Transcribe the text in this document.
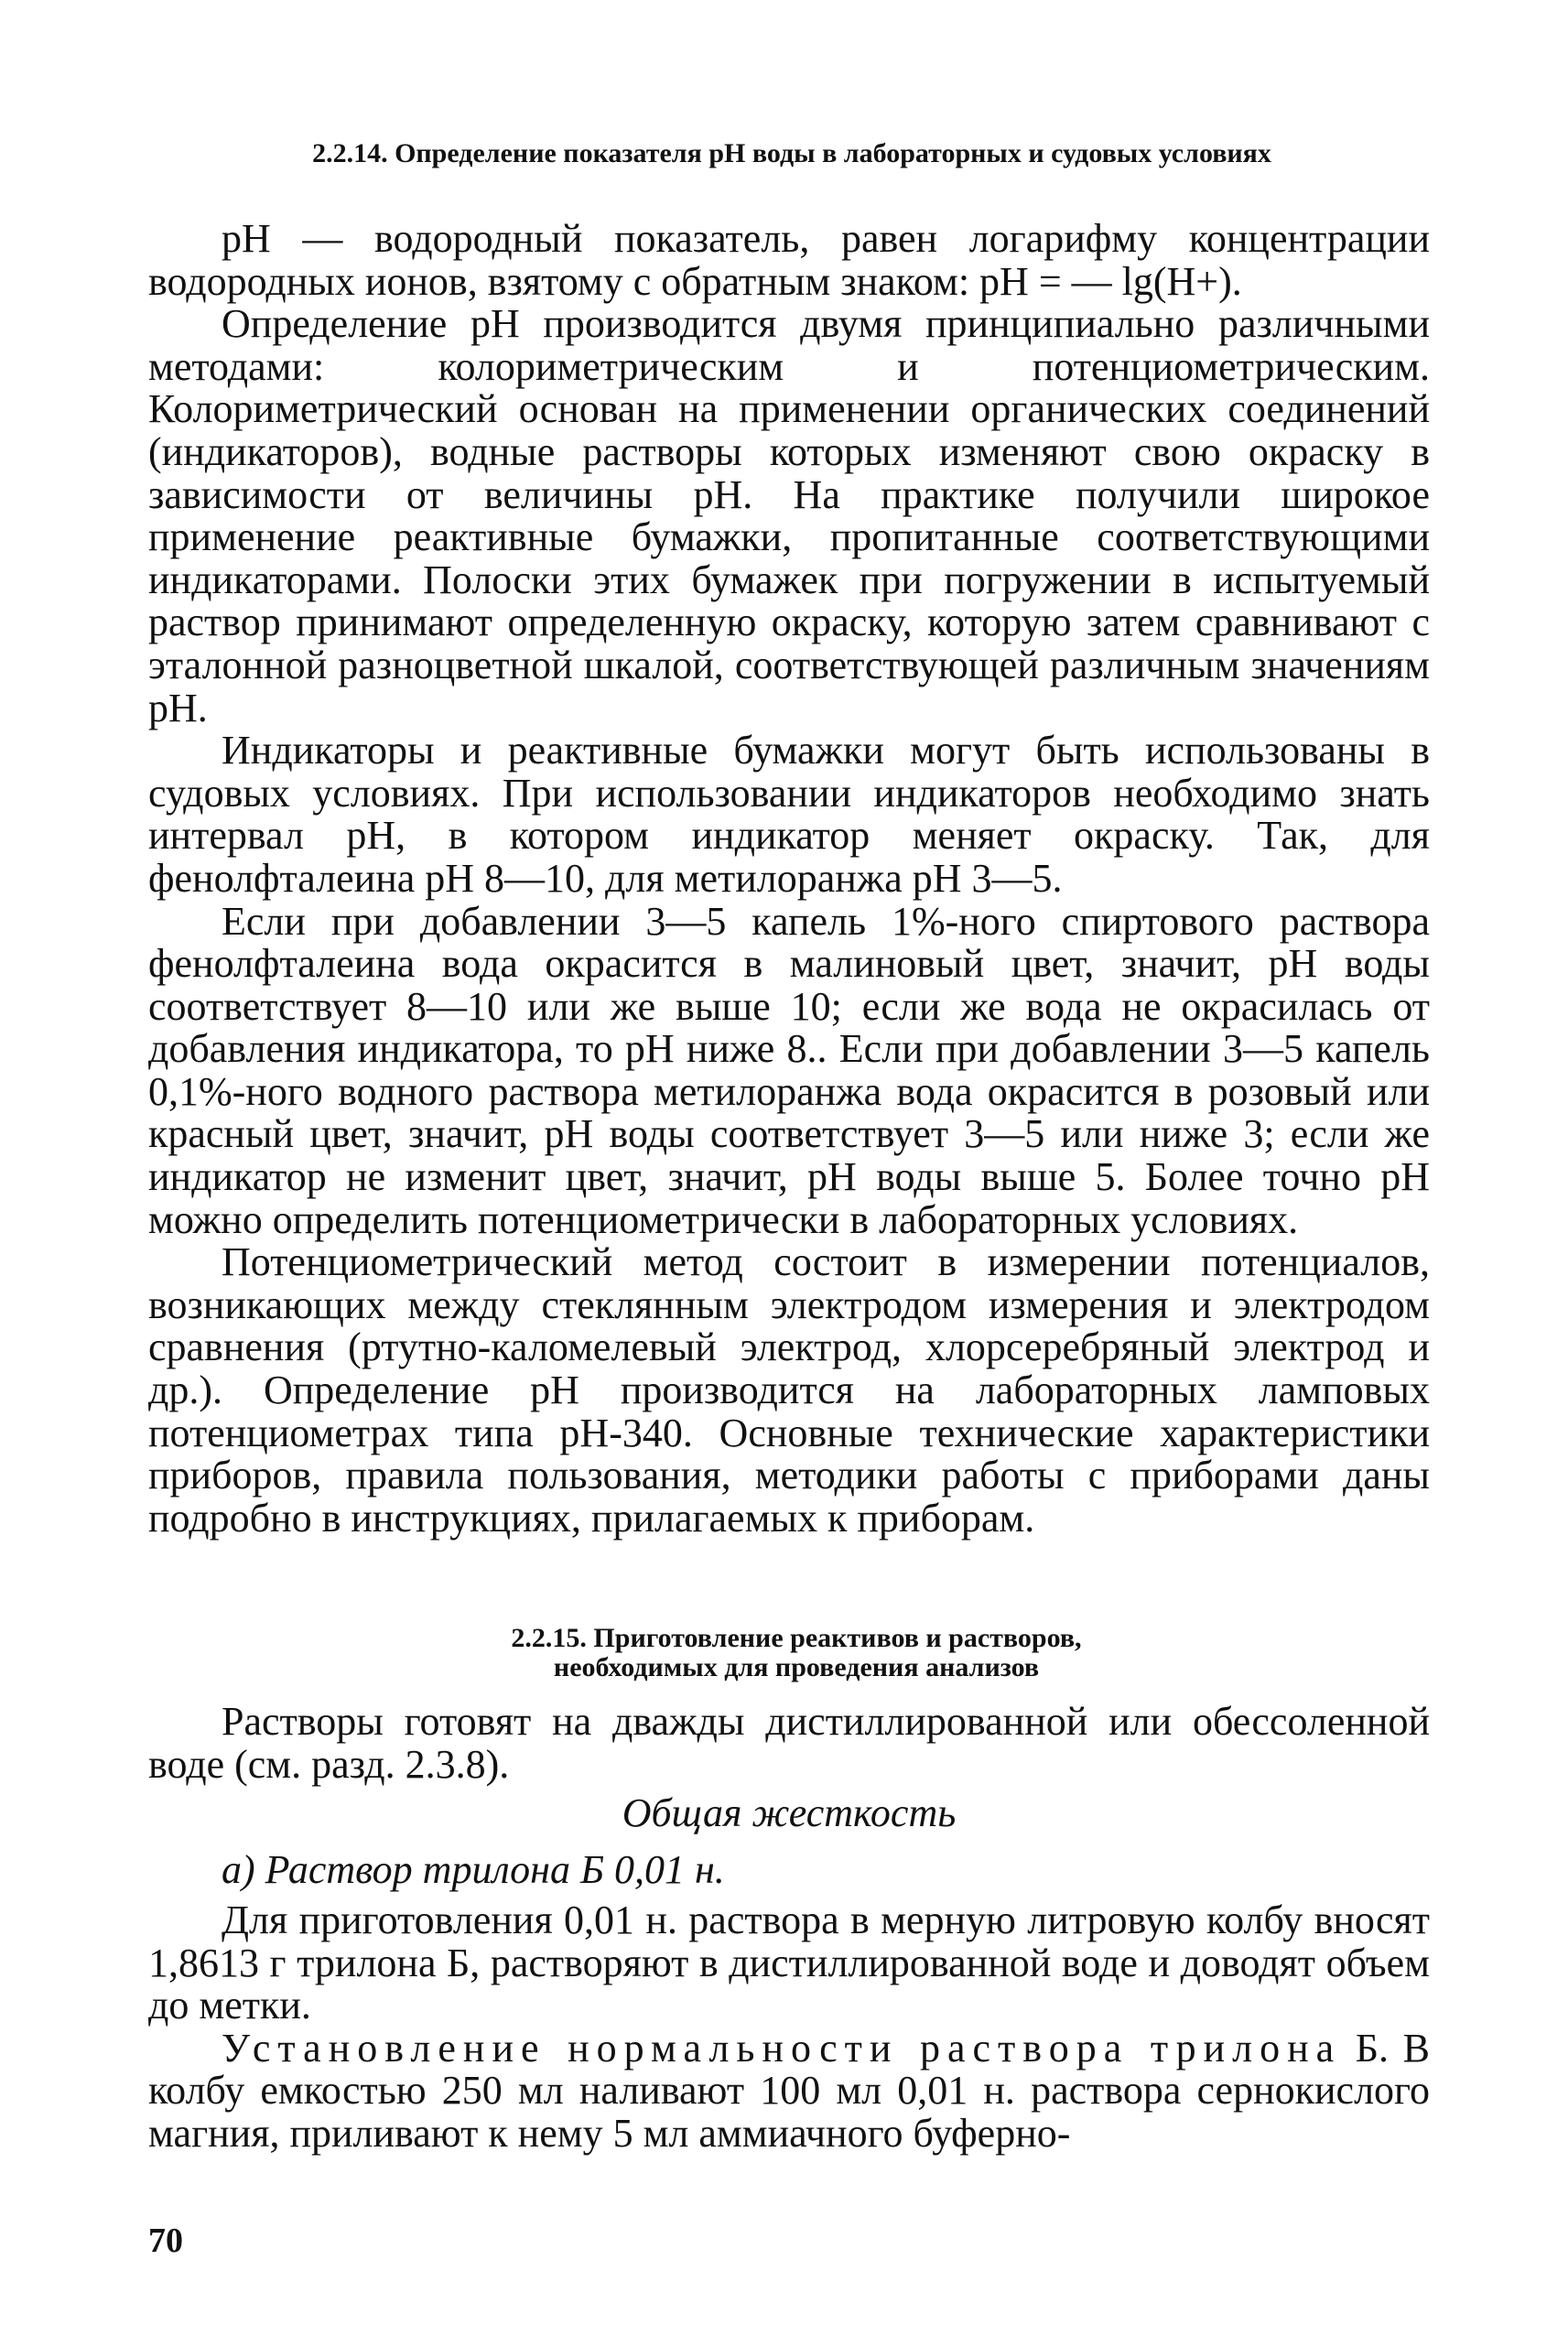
2.2.14. Определение показателя pH воды в лабораторных и судовых условиях

pH — водородный показатель, равен логарифму концентрации водородных ионов, взятому с обратным знаком: pH = — lg(H+).

Определение pH производится двумя принципиально различными методами: колориметрическим и потенциометрическим. Колориметрический основан на применении органических соединений (индикаторов), водные растворы которых изменяют свою окраску в зависимости от величины pH. На практике получили широкое применение реактивные бумажки, пропитанные соответствующими индикаторами. Полоски этих бумажек при погружении в испытуемый раствор принимают определенную окраску, которую затем сравнивают с эталонной разноцветной шкалой, соответствующей различным значениям pH.

Индикаторы и реактивные бумажки могут быть использованы в судовых условиях. При использовании индикаторов необходимо знать интервал pH, в котором индикатор меняет окраску. Так, для фенолфталеина pH 8—10, для метилоранжа pH 3—5.

Если при добавлении 3—5 капель 1%-ного спиртового раствора фенолфталеина вода окрасится в малиновый цвет, значит, pH воды соответствует 8—10 или же выше 10; если же вода не окрасилась от добавления индикатора, то pH ниже 8.. Если при добавлении 3—5 капель 0,1%-ного водного раствора метилоранжа вода окрасится в розовый или красный цвет, значит, pH воды соответствует 3—5 или ниже 3; если же индикатор не изменит цвет, значит, pH воды выше 5. Более точно pH можно определить потенциометрически в лабораторных условиях.

Потенциометрический метод состоит в измерении потенциалов, возникающих между стеклянным электродом измерения и электродом сравнения (ртутно-каломелевый электрод, хлорсеребряный электрод и др.). Определение pH производится на лабораторных ламповых потенциометрах типа pH-340. Основные технические характеристики приборов, правила пользования, методики работы с приборами даны подробно в инструкциях, прилагаемых к приборам.

2.2.15. Приготовление реактивов и растворов,
необходимых для проведения анализов

Растворы готовят на дважды дистиллированной или обессоленной воде (см. разд. 2.3.8).

Общая жесткость

а) Раствор трилона Б 0,01 н.

Для приготовления 0,01 н. раствора в мерную литровую колбу вносят 1,8613 г трилона Б, растворяют в дистиллированной воде и доводят объем до метки.

Установление нормальности раствора трилона Б. В колбу емкостью 250 мл наливают 100 мл 0,01 н. раствора сернокислого магния, приливают к нему 5 мл аммиачного буферно-

70
